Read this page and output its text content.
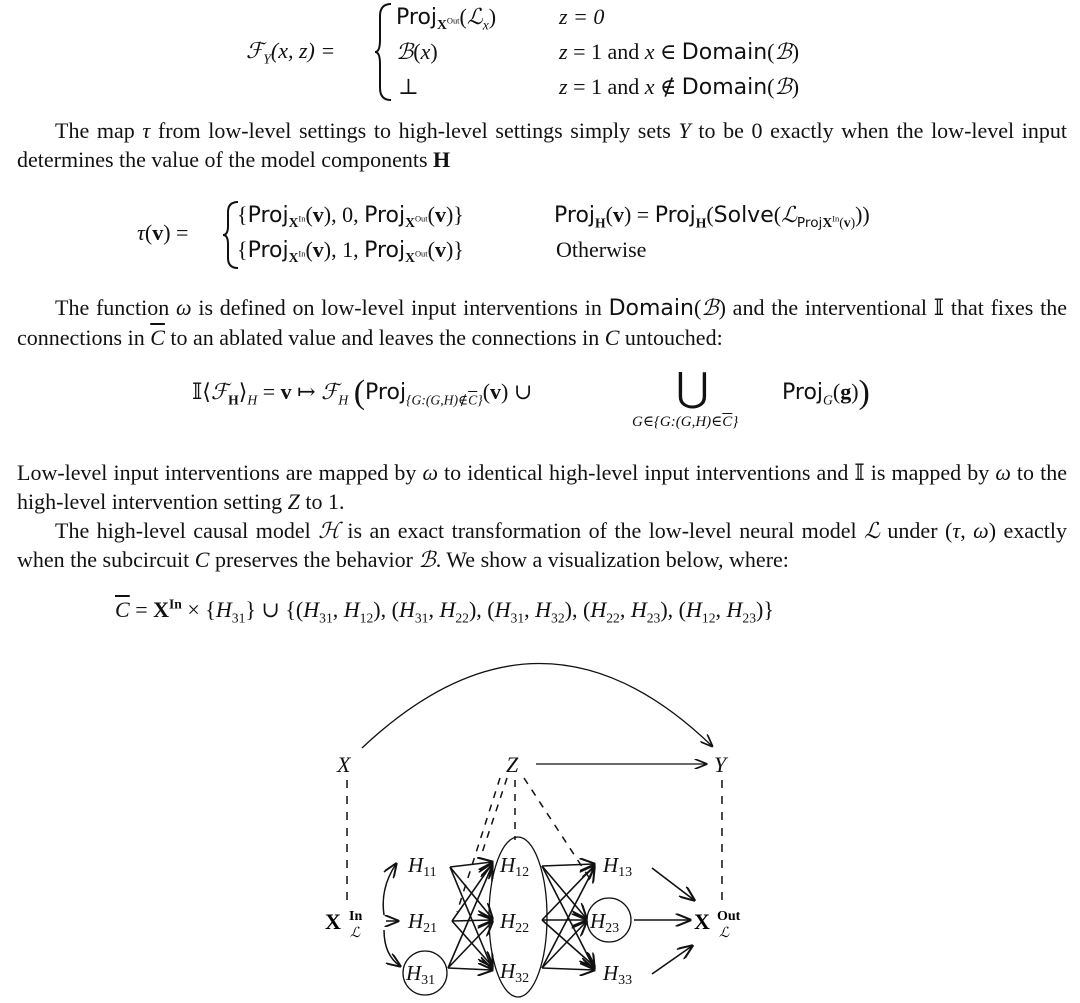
ℱ$_Y$(x, z) =
Proj$_{X^{Out}}$(ℒ$_x$)	z = 0
ℬ(x)	z = 1 and x ∈ Domain(ℬ)
⊥	z = 1 and x ∉ Domain(ℬ)
The map τ from low-level settings to high-level settings simply sets Y to be 0 exactly when the low-level input determines the value of the model components H
τ(v) =
{Proj$_{X^{In}}$(v), 0, Proj$_{X^{Out}}$(v)}	Proj$_H$(v) = Proj$_H$(Solve(ℒ$_{ProjX^{In}(v)}$))
{Proj$_{X^{In}}$(v), 1, Proj$_{X^{Out}}$(v)}	Otherwise
The function ω is defined on low-level input interventions in Domain(ℬ) and the interventional 𝕀 that fixes the connections in $\overline{C}$ to an ablated value and leaves the connections in C untouched:
$𝕀⟨ℱ_H⟩_H = v$ ↦ ℱ$_H$ (Proj$_{\{G:(G,H)\notin\overline{C}\}}$(v) ∪	⋃
$G\in\{G:(G,H)\in\overline{C}\}$
Proj$_G$(g))
Low-level input interventions are mapped by ω to identical high-level input interventions and 𝕀 is mapped by ω to the high-level intervention setting Z to 1.
The high-level causal model ℋ is an exact transformation of the low-level neural model ℒ under (τ, ω) exactly when the subcircuit C preserves the behavior ℬ. We show a visualization below, where:
$\overline{C} = X^{In} \times \{H_{31}\}$ ∪ {($H_{31}$, $H_{12}$), ($H_{31}$, $H_{22}$), ($H_{31}$, $H_{32}$), ($H_{22}$, $H_{23}$), ($H_{12}$, $H_{23}$)}
X	Z	Y
X In
ℒ	X Out
ℒ
H11
H21
H31
H12
H22
H32
H13
H23
H33
